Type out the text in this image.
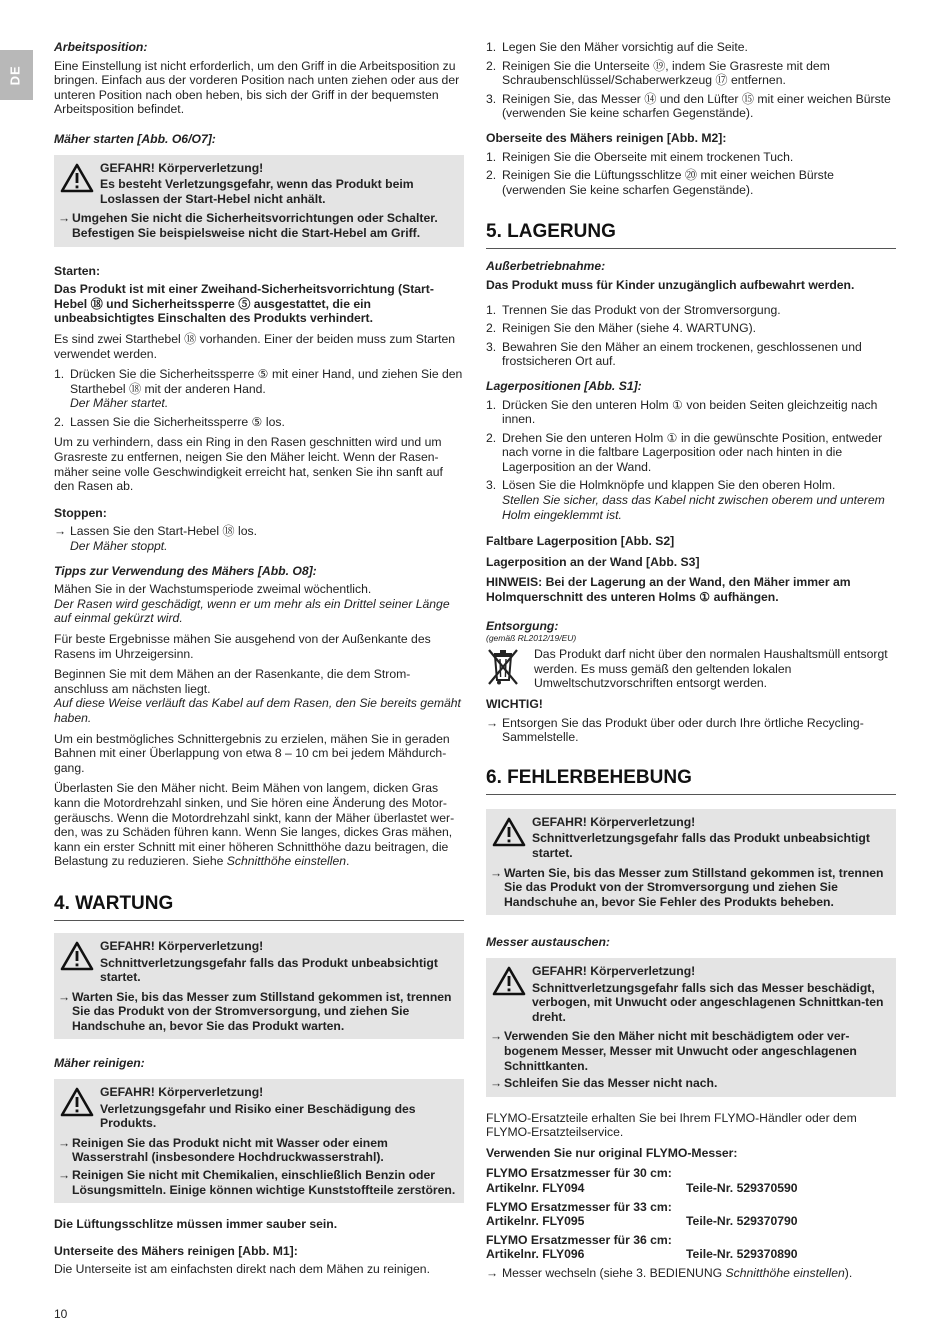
DE
Arbeitsposition:

Eine Einstellung ist nicht erforderlich, um den Griff in die Arbeitsposition zu bringen. Einfach aus der vorderen Position nach unten ziehen oder aus der unteren Position nach oben heben, bis sich der Griff in der bequemsten Arbeitsposition befindet.

Mäher starten [Abb. O6/O7]:
GEFAHR! Körperverletzung!
Es besteht Verletzungsgefahr, wenn das Produkt beim Loslassen der Start-Hebel nicht anhält.
→ Umgehen Sie nicht die Sicherheitsvorrichtungen oder Schalter. Befestigen Sie beispielsweise nicht die Start-Hebel am Griff.
Starten:

Das Produkt ist mit einer Zweihand-Sicherheitsvorrichtung (Start-Hebel ⑱ und Sicherheitssperre ⑤ ausgestattet, die ein unbeabsichtigtes Einschalten des Produkts verhindert.

Es sind zwei Starthebel ⑱ vorhanden. Einer der beiden muss zum Starten verwendet werden.

1. Drücken Sie die Sicherheitssperre ⑤ mit einer Hand, und ziehen Sie den Starthebel ⑱ mit der anderen Hand.
Der Mäher startet.
2. Lassen Sie die Sicherheitssperre ⑤ los.

Um zu verhindern, dass ein Ring in den Rasen geschnitten wird und um Grasreste zu entfernen, neigen Sie den Mäher leicht. Wenn der Rasen-mäher seine volle Geschwindigkeit erreicht hat, senken Sie ihn sanft auf den Rasen ab.

Stoppen:
→ Lassen Sie den Start-Hebel ⑱ los.
Der Mäher stoppt.
Tipps zur Verwendung des Mähers [Abb. O8]:

Mähen Sie in der Wachstumsperiode zweimal wöchentlich.
Der Rasen wird geschädigt, wenn er um mehr als ein Drittel seiner Länge auf einmal gekürzt wird.

Für beste Ergebnisse mähen Sie ausgehend von der Außenkante des Rasens im Uhrzeigersinn.

Beginnen Sie mit dem Mähen an der Rasenkante, die dem Strom-anschluss am nächsten liegt.
Auf diese Weise verläuft das Kabel auf dem Rasen, den Sie bereits gemäht haben.

Um ein bestmögliches Schnittergebnis zu erzielen, mähen Sie in geraden Bahnen mit einer Überlappung von etwa 8 – 10 cm bei jedem Mähdurch-gang.

Überlasten Sie den Mäher nicht. Beim Mähen von langem, dicken Gras kann die Motordrehzahl sinken, und Sie hören eine Änderung des Motor-geräuschs. Wenn die Motordrehzahl sinkt, kann der Mäher überlastet wer-den, was zu Schäden führen kann. Wenn Sie langes, dickes Gras mähen, kann ein erster Schnitt mit einer höheren Schnitthöhe dazu beitragen, die Belastung zu reduzieren. Siehe Schnitthöhe einstellen.

4. WARTUNG
GEFAHR! Körperverletzung!
Schnittverletzungsgefahr falls das Produkt unbeabsichtigt startet.
→ Warten Sie, bis das Messer zum Stillstand gekommen ist, trennen Sie das Produkt von der Stromversorgung, und ziehen Sie Handschuhe an, bevor Sie das Produkt warten.
Mäher reinigen:
GEFAHR! Körperverletzung!
Verletzungsgefahr und Risiko einer Beschädigung des Produkts.
→ Reinigen Sie das Produkt nicht mit Wasser oder einem Wasserstrahl (insbesondere Hochdruckwasserstrahl).
→ Reinigen Sie nicht mit Chemikalien, einschließlich Benzin oder Lösungsmitteln. Einige können wichtige Kunststoffteile zerstören.

Die Lüftungsschlitze müssen immer sauber sein.

Unterseite des Mähers reinigen [Abb. M1]:

Die Unterseite ist am einfachsten direkt nach dem Mähen zu reinigen.

1. Legen Sie den Mäher vorsichtig auf die Seite.
2. Reinigen Sie die Unterseite ⑲, indem Sie Grasreste mit dem Schraubenschlüssel/Schaberwerkzeug ⑰ entfernen.
3. Reinigen Sie, das Messer ⑭ und den Lüfter ⑮ mit einer weichen Bürste (verwenden Sie keine scharfen Gegenstände).
Oberseite des Mähers reinigen [Abb. M2]:
1. Reinigen Sie die Oberseite mit einem trockenen Tuch.
2. Reinigen Sie die Lüftungsschlitze ⑳ mit einer weichen Bürste (verwenden Sie keine scharfen Gegenstände).
5. LAGERUNG
Außerbetriebnahme:

Das Produkt muss für Kinder unzugänglich aufbewahrt werden.

1. Trennen Sie das Produkt von der Stromversorgung.
2. Reinigen Sie den Mäher (siehe 4. WARTUNG).
3. Bewahren Sie den Mäher an einem trockenen, geschlossenen und frostsicheren Ort auf.
Lagerpositionen [Abb. S1]:
1. Drücken Sie den unteren Holm ① von beiden Seiten gleichzeitig nach innen.
2. Drehen Sie den unteren Holm ① in die gewünschte Position, entweder nach vorne in die faltbare Lagerposition oder nach hinten in die Lagerposition an der Wand.
3. Lösen Sie die Holmknöpfe und klappen Sie den oberen Holm.
Stellen Sie sicher, dass das Kabel nicht zwischen oberem und unterem Holm eingeklemmt ist.

Faltbare Lagerposition [Abb. S2]

Lagerposition an der Wand [Abb. S3]

HINWEIS: Bei der Lagerung an der Wand, den Mäher immer am Holmquerschnitt des unteren Holms ① aufhängen.

Entsorgung:
(gemäß RL2012/19/EU)
Das Produkt darf nicht über den normalen Haushaltsmüll entsorgt werden. Es muss gemäß den geltenden lokalen Umweltschutzvorschriften entsorgt werden.
WICHTIG!
→ Entsorgen Sie das Produkt über oder durch Ihre örtliche Recycling-Sammelstelle.
6. FEHLERBEHEBUNG
GEFAHR! Körperverletzung!
Schnittverletzungsgefahr falls das Produkt unbeabsichtigt startet.
→ Warten Sie, bis das Messer zum Stillstand gekommen ist, trennen Sie das Produkt von der Stromversorgung und ziehen Sie Handschuhe an, bevor Sie Fehler des Produkts beheben.
Messer austauschen:
GEFAHR! Körperverletzung!
Schnittverletzungsgefahr falls sich das Messer beschädigt, verbogen, mit Unwucht oder angeschlagenen Schnittkan-ten dreht.
→ Verwenden Sie den Mäher nicht mit beschädigtem oder ver-bogenem Messer, Messer mit Unwucht oder angeschlagenen Schnittkanten.
→ Schleifen Sie das Messer nicht nach.

FLYMO-Ersatzteile erhalten Sie bei Ihrem FLYMO-Händler oder dem FLYMO-Ersatzteilservice.

Verwenden Sie nur original FLYMO-Messer:

FLYMO Ersatzmesser für 30 cm:
Artikelnr. FLY094	Teile-Nr. 529370590
FLYMO Ersatzmesser für 33 cm:
Artikelnr. FLY095	Teile-Nr. 529370790
FLYMO Ersatzmesser für 36 cm:
Artikelnr. FLY096	Teile-Nr. 529370890
→ Messer wechseln (siehe 3. BEDIENUNG Schnitthöhe einstellen).
10
